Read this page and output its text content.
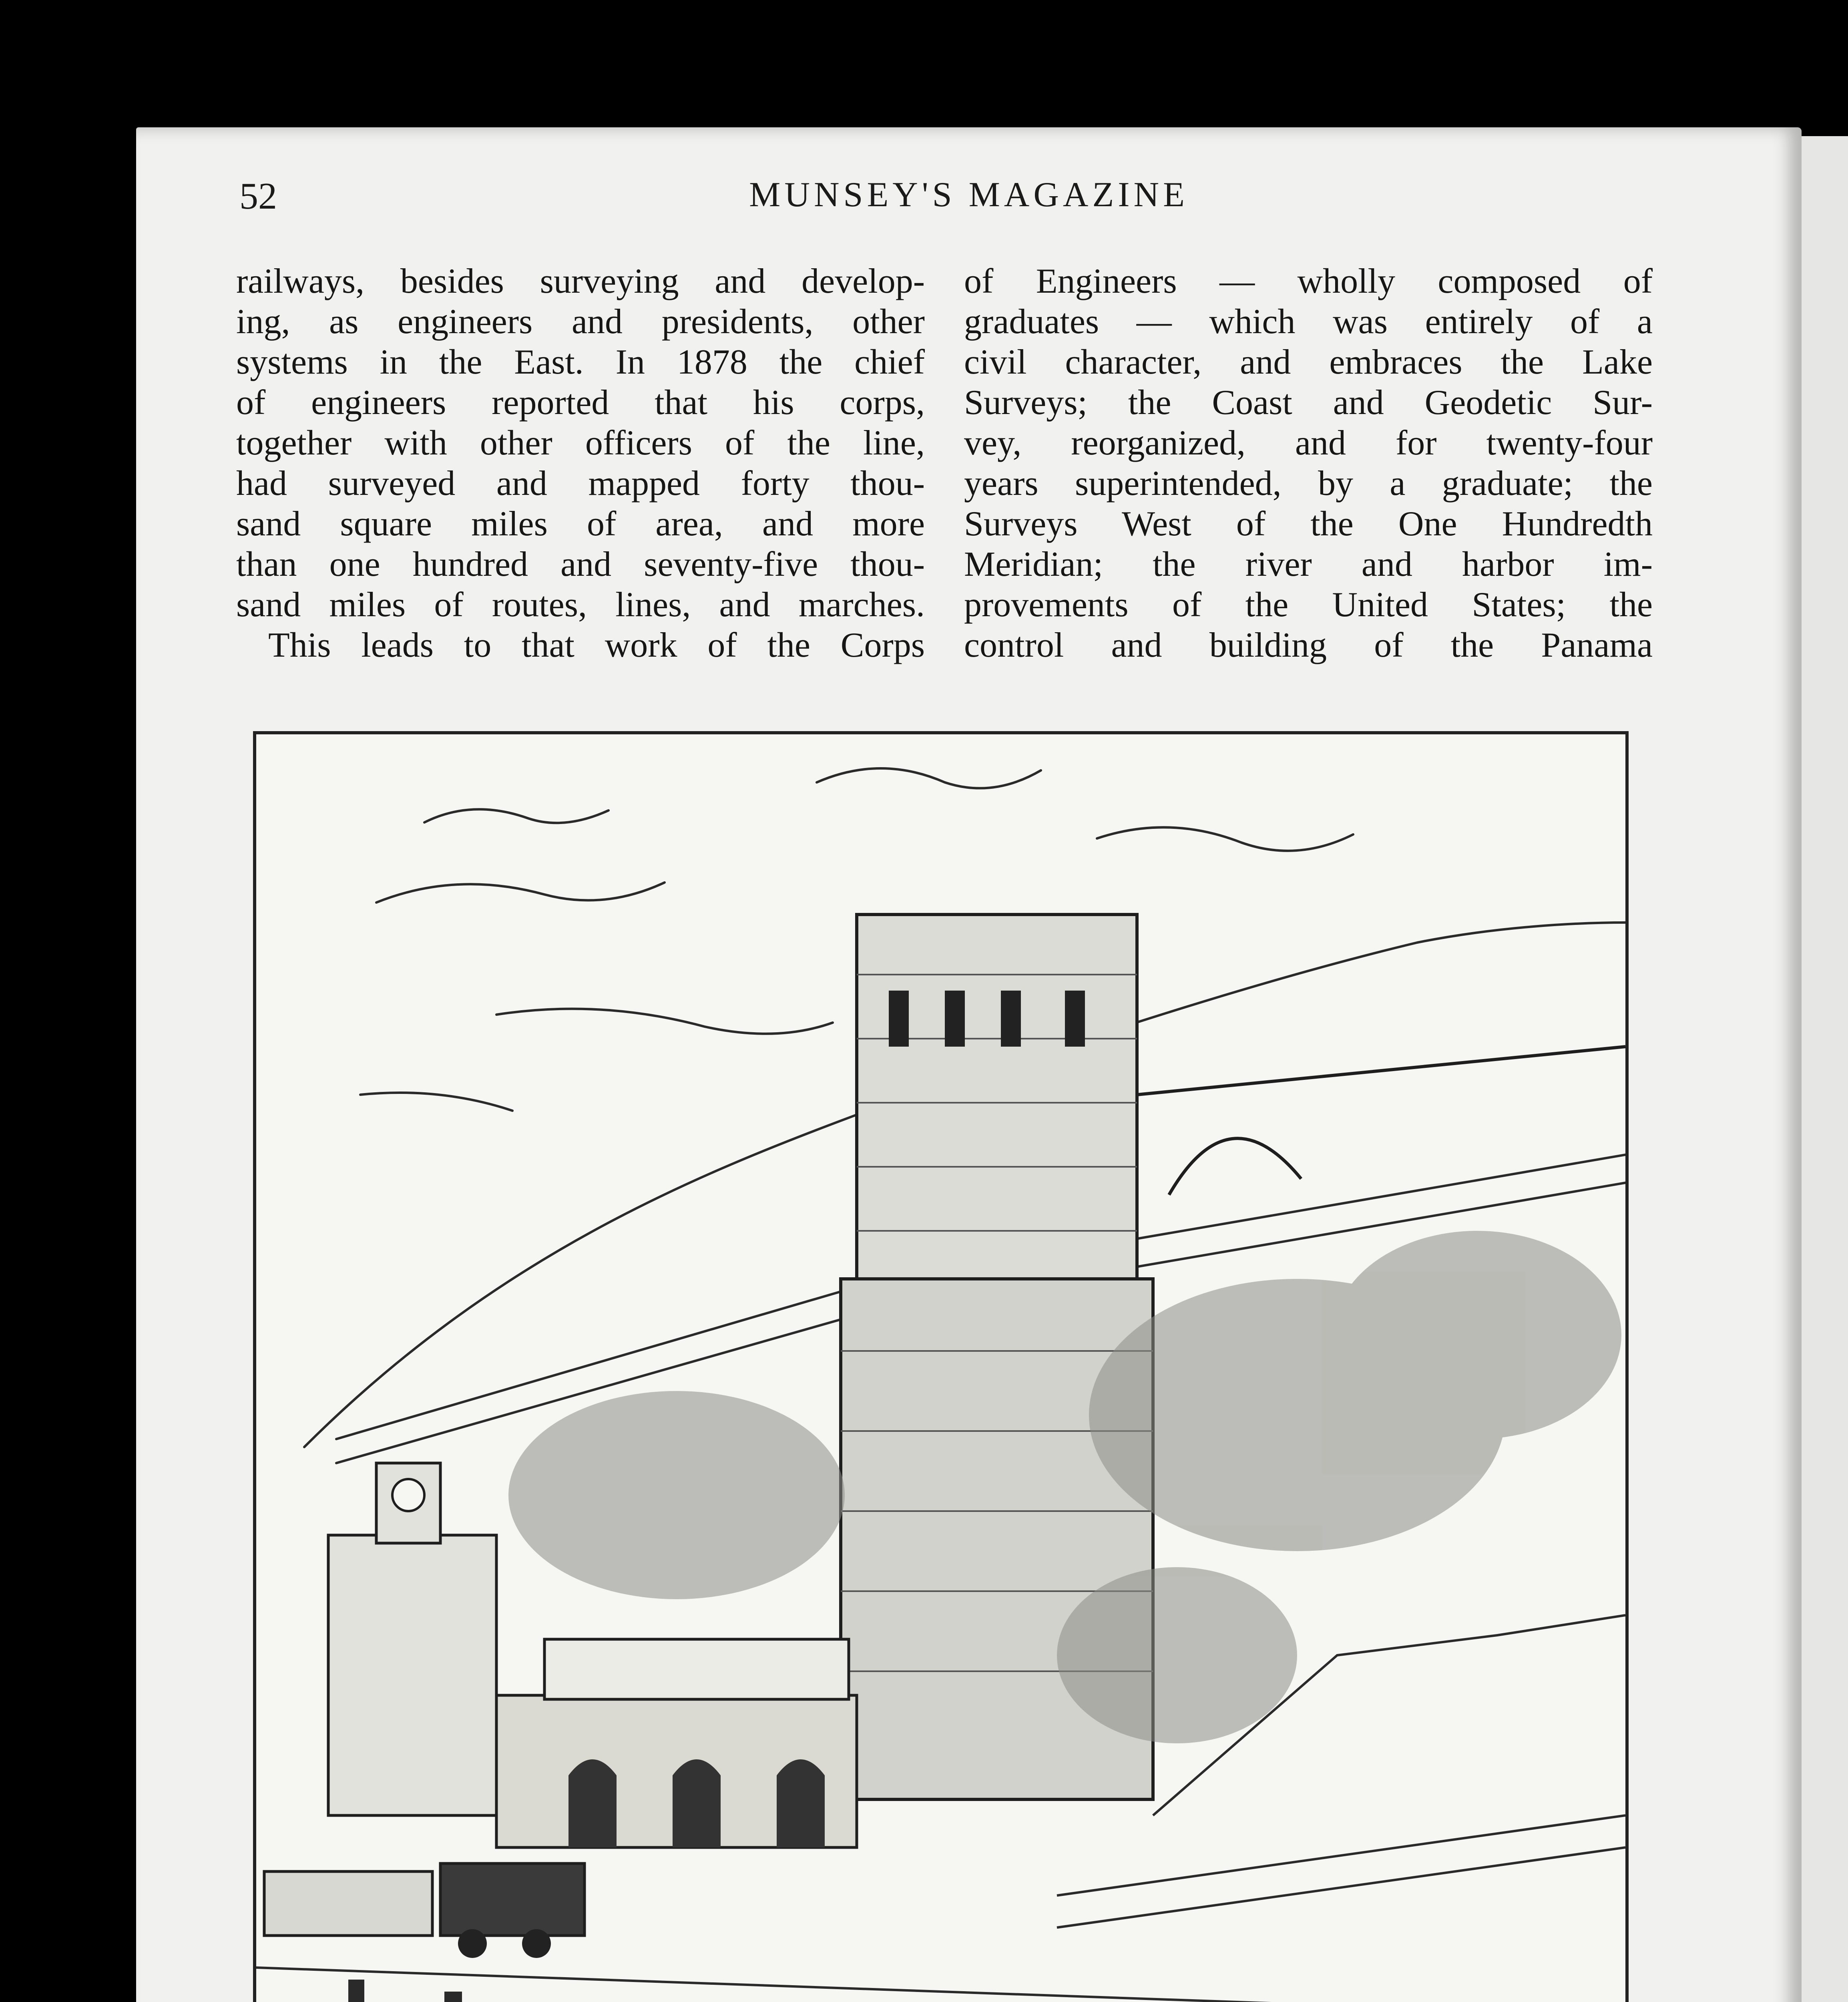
52	MUNSEY'S MAGAZINE
railways, besides surveying and develop-
ing, as engineers and presidents, other
systems in the East. In 1878 the chief
of engineers reported that his corps,
together with other officers of the line,
had surveyed and mapped forty thou-
sand square miles of area, and more
than one hundred and seventy-five thou-
sand miles of routes, lines, and marches.
This leads to that work of the Corps
of Engineers — wholly composed of
graduates — which was entirely of a
civil character, and embraces the Lake
Surveys; the Coast and Geodetic Sur-
vey, reorganized, and for twenty-four
years superintended, by a graduate; the
Surveys West of the One Hundredth
Meridian; the river and harbor im-
provements of the United States; the
control and building of the Panama
